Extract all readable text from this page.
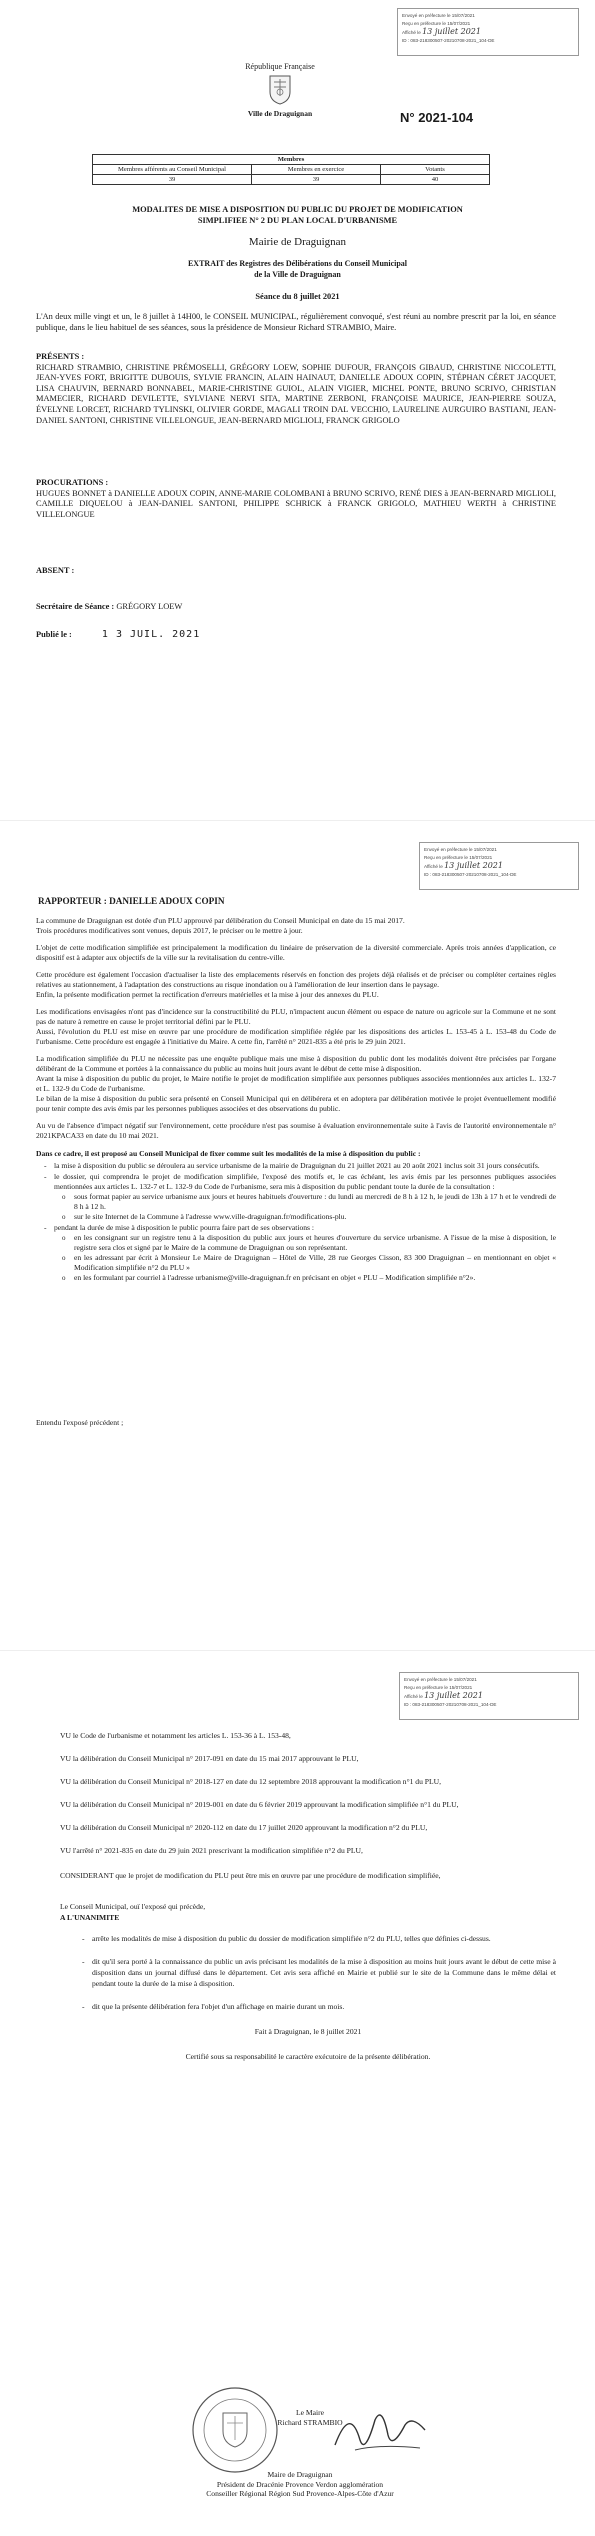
Envoyé en préfecture le 15/07/2021
Reçu en préfecture le 15/07/2021
Affiché le 13 juillet 2021
ID : 083-218300507-20210708-2021_104-DE
République Française
Ville de Draguignan	N° 2021-104
Membres		
Membres afférents au Conseil Municipal	Membres en exercice	Votants
39	39	40
MODALITES DE MISE A DISPOSITION DU PUBLIC DU PROJET DE MODIFICATION
SIMPLIFIEE N° 2 DU PLAN LOCAL D'URBANISME
Mairie de Draguignan
EXTRAIT des Registres des Délibérations du Conseil Municipal
de la Ville de Draguignan
Séance du 8 juillet 2021
L'An deux mille vingt et un, le 8 juillet à 14H00, le CONSEIL MUNICIPAL, régulièrement convoqué, s'est réuni au nombre prescrit par la loi, en séance publique, dans le lieu habituel de ses séances, sous la présidence de Monsieur Richard STRAMBIO, Maire.
PRÉSENTS :
RICHARD STRAMBIO, CHRISTINE PRÉMOSELLI, GRÉGORY LOEW, SOPHIE DUFOUR, FRANÇOIS GIBAUD, CHRISTINE NICCOLETTI, JEAN-YVES FORT, BRIGITTE DUBOUIS, SYLVIE FRANCIN, ALAIN HAINAUT, DANIELLE ADOUX COPIN, STÉPHAN CÉRET JACQUET, LISA CHAUVIN, BERNARD BONNABEL, MARIE-CHRISTINE GUIOL, ALAIN VIGIER, MICHEL PONTE, BRUNO SCRIVO, CHRISTIAN MAMECIER, RICHARD DEVILETTE, SYLVIANE NERVI SITA, MARTINE ZERBONI, FRANÇOISE MAURICE, JEAN-PIERRE SOUZA, ÉVELYNE LORCET, RICHARD TYLINSKI, OLIVIER GORDE, MAGALI TROIN DAL VECCHIO, LAURELINE AURGUIRO BASTIANI, JEAN-DANIEL SANTONI, CHRISTINE VILLELONGUE, JEAN-BERNARD MIGLIOLI, FRANCK GRIGOLO
PROCURATIONS :
HUGUES BONNET à DANIELLE ADOUX COPIN, ANNE-MARIE COLOMBANI à BRUNO SCRIVO, RENÉ DIES à JEAN-BERNARD MIGLIOLI, CAMILLE DIQUELOU à JEAN-DANIEL SANTONI, PHILIPPE SCHRICK à FRANCK GRIGOLO, MATHIEU WERTH à CHRISTINE VILLELONGUE
ABSENT :
Secrétaire de Séance : GRÉGORY LOEW
Publié le :	1 3 JUIL. 2021
Envoyé en préfecture le 15/07/2021
Reçu en préfecture le 15/07/2021
Affiché le 13 juillet 2021
ID : 083-218300507-20210708-2021_104-DE
RAPPORTEUR : DANIELLE ADOUX COPIN
La commune de Draguignan est dotée d'un PLU approuvé par délibération du Conseil Municipal en date du 15 mai 2017.
Trois procédures modificatives sont venues, depuis 2017, le préciser ou le mettre à jour.
L'objet de cette modification simplifiée est principalement la modification du linéaire de préservation de la diversité commerciale. Après trois années d'application, ce dispositif est à adapter aux objectifs de la ville sur la revitalisation du centre-ville.
Cette procédure est également l'occasion d'actualiser la liste des emplacements réservés en fonction des projets déjà réalisés et de préciser ou compléter certaines règles relatives au stationnement, à l'adaptation des constructions au risque inondation ou à l'amélioration de leur insertion dans le paysage.
Enfin, la présente modification permet la rectification d'erreurs matérielles et la mise à jour des annexes du PLU.
Les modifications envisagées n'ont pas d'incidence sur la constructibilité du PLU, n'impactent aucun élément ou espace de nature ou agricole sur la Commune et ne sont pas de nature à remettre en cause le projet territorial défini par le PLU.
Aussi, l'évolution du PLU est mise en œuvre par une procédure de modification simplifiée réglée par les dispositions des articles L. 153-45 à L. 153-48 du Code de l'urbanisme. Cette procédure est engagée à l'initiative du Maire. A cette fin, l'arrêté n° 2021-835 a été pris le 29 juin 2021.
La modification simplifiée du PLU ne nécessite pas une enquête publique mais une mise à disposition du public dont les modalités doivent être précisées par l'organe délibérant de la Commune et portées à la connaissance du public au moins huit jours avant le début de cette mise à disposition.
Avant la mise à disposition du public du projet, le Maire notifie le projet de modification simplifiée aux personnes publiques associées mentionnées aux articles L. 132-7 et L. 132-9 du Code de l'urbanisme.
Le bilan de la mise à disposition du public sera présenté en Conseil Municipal qui en délibérera et en adoptera par délibération motivée le projet éventuellement modifié pour tenir compte des avis émis par les personnes publiques associées et des observations du public.
Au vu de l'absence d'impact négatif sur l'environnement, cette procédure n'est pas soumise à évaluation environnementale suite à l'avis de l'autorité environnementale n° 2021KPACA33 en date du 10 mai 2021.
Dans ce cadre, il est proposé au Conseil Municipal de fixer comme suit les modalités de la mise à disposition du public :
- la mise à disposition du public se déroulera au service urbanisme de la mairie de Draguignan du 21 juillet 2021 au 20 août 2021 inclus soit 31 jours consécutifs.
- le dossier, qui comprendra le projet de modification simplifiée, l'exposé des motifs et, le cas échéant, les avis émis par les personnes publiques associées mentionnées aux articles L. 132-7 et L. 132-9 du Code de l'urbanisme, sera mis à disposition du public pendant toute la durée de la consultation :
o sous format papier au service urbanisme aux jours et heures habituels d'ouverture : du lundi au mercredi de 8 h à 12 h, le jeudi de 13h à 17 h et le vendredi de 8 h à 12 h.
o sur le site Internet de la Commune à l'adresse www.ville-draguignan.fr/modifications-plu.
- pendant la durée de mise à disposition le public pourra faire part de ses observations :
o en les consignant sur un registre tenu à la disposition du public aux jours et heures d'ouverture du service urbanisme. A l'issue de la mise à disposition, le registre sera clos et signé par le Maire de la commune de Draguignan ou son représentant.
o en les adressant par écrit à Monsieur Le Maire de Draguignan – Hôtel de Ville, 28 rue Georges Cisson, 83 300 Draguignan – en mentionnant en objet « Modification simplifiée n°2 du PLU »
o en les formulant par courriel à l'adresse urbanisme@ville-draguignan.fr en précisant en objet « PLU – Modification simplifiée n°2».
Entendu l'exposé précédent ;
Envoyé en préfecture le 15/07/2021
Reçu en préfecture le 15/07/2021
Affiché le 13 juillet 2021
ID : 083-218300507-20210708-2021_104-DE
VU le Code de l'urbanisme et notamment les articles L. 153-36 à L. 153-48,
VU la délibération du Conseil Municipal n° 2017-091 en date du 15 mai 2017 approuvant le PLU,
VU la délibération du Conseil Municipal n° 2018-127 en date du 12 septembre 2018 approuvant la modification n°1 du PLU,
VU la délibération du Conseil Municipal n° 2019-001 en date du 6 février 2019 approuvant la modification simplifiée n°1 du PLU,
VU la délibération du Conseil Municipal n° 2020-112 en date du 17 juillet 2020 approuvant la modification n°2 du PLU,
VU l'arrêté n° 2021-835 en date du 29 juin 2021 prescrivant la modification simplifiée n°2 du PLU,
CONSIDERANT que le projet de modification du PLU peut être mis en œuvre par une procédure de modification simplifiée,
Le Conseil Municipal, ouï l'exposé qui précède,
A L'UNANIMITE
- arrête les modalités de mise à disposition du public du dossier de modification simplifiée n°2 du PLU, telles que définies ci-dessus.
- dit qu'il sera porté à la connaissance du public un avis précisant les modalités de la mise à disposition au moins huit jours avant le début de cette mise à disposition dans un journal diffusé dans le département. Cet avis sera affiché en Mairie et publié sur le site de la Commune dans le même délai et pendant toute la durée de la mise à disposition.
- dit que la présente délibération fera l'objet d'un affichage en mairie durant un mois.
Fait à Draguignan, le 8 juillet 2021
Certifié sous sa responsabilité le caractère exécutoire de la présente délibération.
Le Maire
Richard STRAMBIO
Maire de Draguignan
Président de Dracénie Provence Verdon agglomération
Conseiller Régional Région Sud Provence-Alpes-Côte d'Azur
